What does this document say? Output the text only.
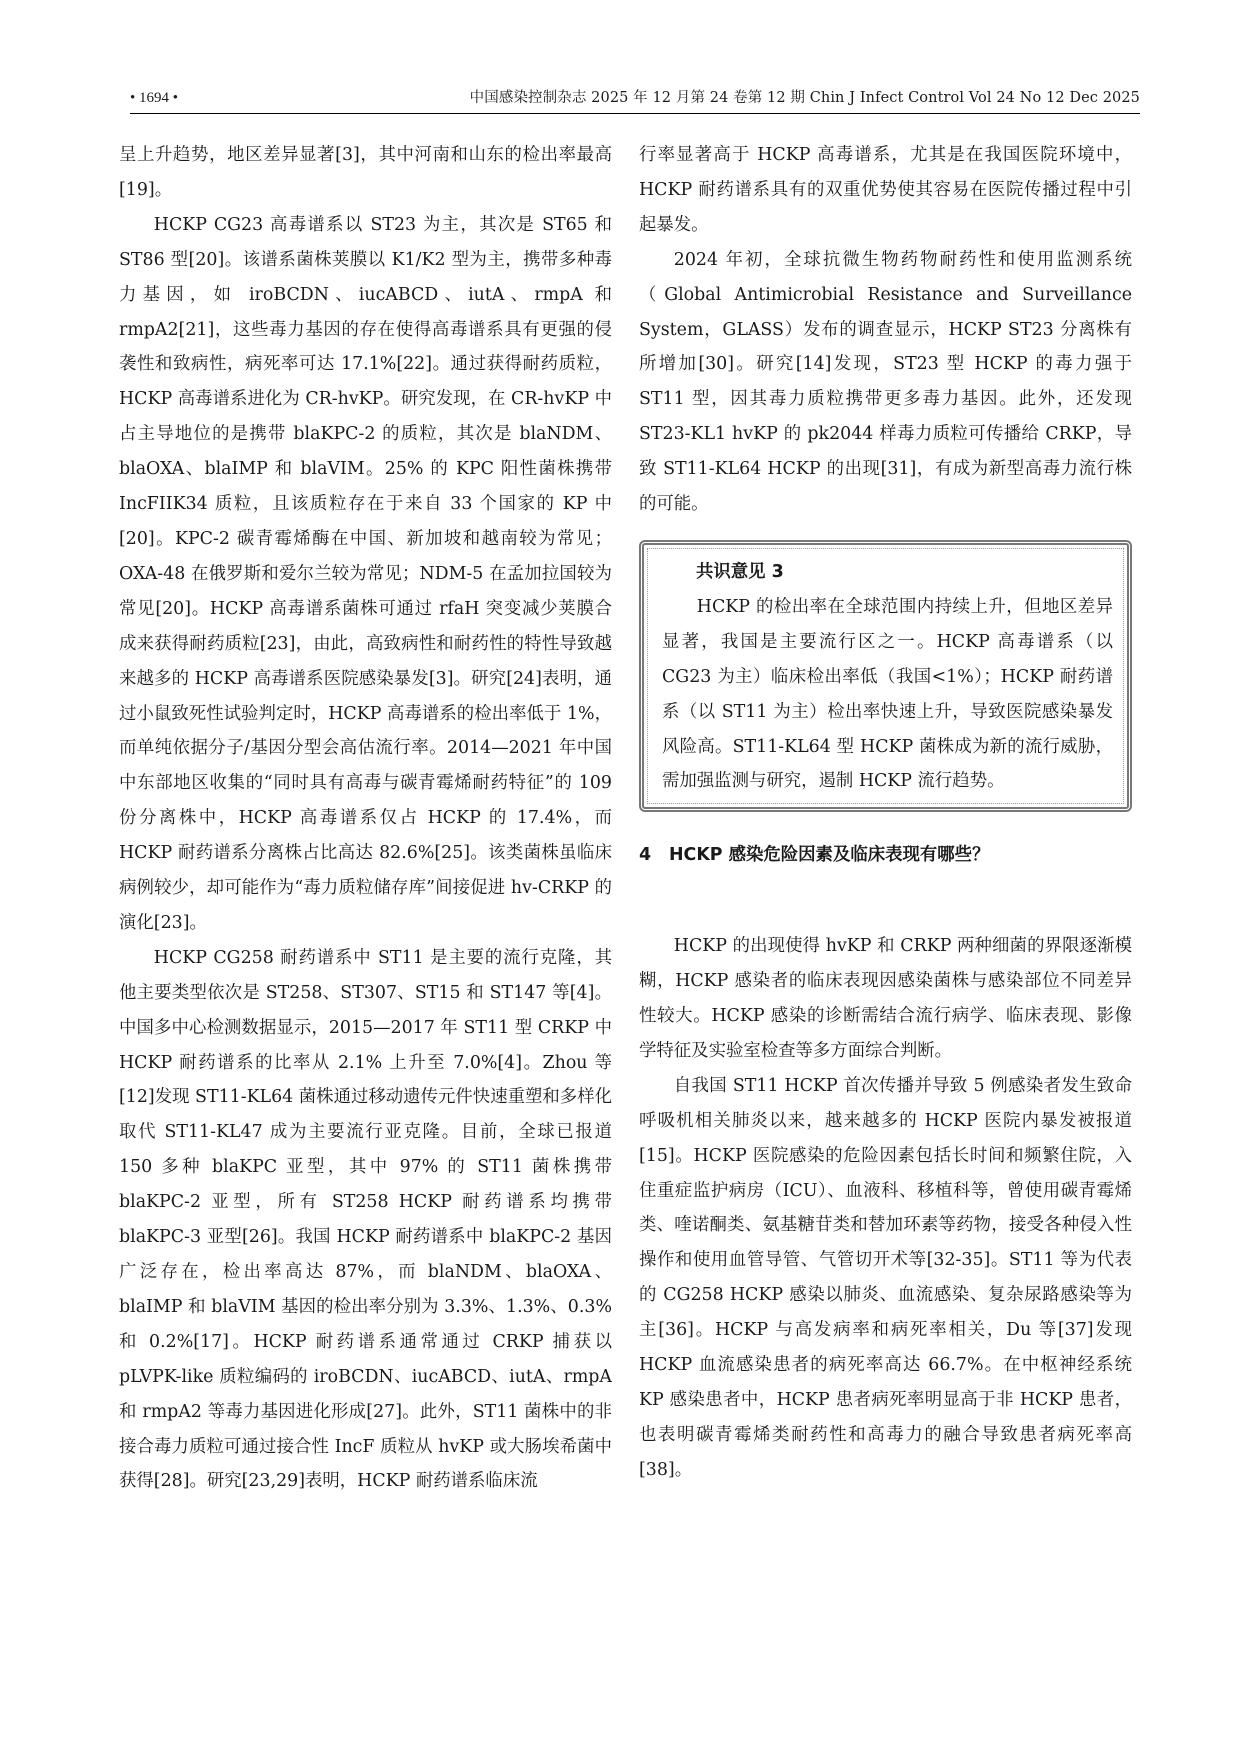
• 1694 •	中国感染控制杂志 2025 年 12 月第 24 卷第 12 期 Chin J Infect Control Vol 24 No 12 Dec 2025

呈上升趋势，地区差异显著[3]，其中河南和山东的检出率最高[19]。

HCKP CG23 高毒谱系以 ST23 为主，其次是 ST65 和 ST86 型[20]。该谱系菌株荚膜以 K1/K2 型为主，携带多种毒力基因，如 iroBCDN、iucABCD、iutA、rmpA 和 rmpA2[21]，这些毒力基因的存在使得高毒谱系具有更强的侵袭性和致病性，病死率可达 17.1%[22]。通过获得耐药质粒，HCKP 高毒谱系进化为 CR-hvKP。研究发现，在 CR-hvKP 中占主导地位的是携带 blaKPC-2 的质粒，其次是 blaNDM、blaOXA、blaIMP 和 blaVIM。25% 的 KPC 阳性菌株携带 IncFIIK34 质粒，且该质粒存在于来自 33 个国家的 KP 中[20]。KPC-2 碳青霉烯酶在中国、新加坡和越南较为常见；OXA-48 在俄罗斯和爱尔兰较为常见；NDM-5 在孟加拉国较为常见[20]。HCKP 高毒谱系菌株可通过 rfaH 突变减少荚膜合成来获得耐药质粒[23]，由此，高致病性和耐药性的特性导致越来越多的 HCKP 高毒谱系医院感染暴发[3]。研究[24]表明，通过小鼠致死性试验判定时，HCKP 高毒谱系的检出率低于 1%，而单纯依据分子/基因分型会高估流行率。2014—2021 年中国中东部地区收集的“同时具有高毒与碳青霉烯耐药特征”的 109 份分离株中，HCKP 高毒谱系仅占 HCKP 的 17.4%，而 HCKP 耐药谱系分离株占比高达 82.6%[25]。该类菌株虽临床病例较少，却可能作为“毒力质粒储存库”间接促进 hv-CRKP 的演化[23]。

HCKP CG258 耐药谱系中 ST11 是主要的流行克隆，其他主要类型依次是 ST258、ST307、ST15 和 ST147 等[4]。中国多中心检测数据显示，2015—2017 年 ST11 型 CRKP 中 HCKP 耐药谱系的比率从 2.1% 上升至 7.0%[4]。Zhou 等[12]发现 ST11-KL64 菌株通过移动遗传元件快速重塑和多样化取代 ST11-KL47 成为主要流行亚克隆。目前，全球已报道 150 多种 blaKPC 亚型，其中 97% 的 ST11 菌株携带 blaKPC-2 亚型，所有 ST258 HCKP 耐药谱系均携带 blaKPC-3 亚型[26]。我国 HCKP 耐药谱系中 blaKPC-2 基因广泛存在，检出率高达 87%，而 blaNDM、blaOXA、blaIMP 和 blaVIM 基因的检出率分别为 3.3%、1.3%、0.3% 和 0.2%[17]。HCKP 耐药谱系通常通过 CRKP 捕获以 pLVPK-like 质粒编码的 iroBCDN、iucABCD、iutA、rmpA 和 rmpA2 等毒力基因进化形成[27]。此外，ST11 菌株中的非接合毒力质粒可通过接合性 IncF 质粒从 hvKP 或大肠埃希菌中获得[28]。研究[23,29]表明，HCKP 耐药谱系临床流

行率显著高于 HCKP 高毒谱系，尤其是在我国医院环境中，HCKP 耐药谱系具有的双重优势使其容易在医院传播过程中引起暴发。

2024 年初，全球抗微生物药物耐药性和使用监测系统（Global Antimicrobial Resistance and Surveillance System，GLASS）发布的调查显示，HCKP ST23 分离株有所增加[30]。研究[14]发现，ST23 型 HCKP 的毒力强于 ST11 型，因其毒力质粒携带更多毒力基因。此外，还发现 ST23-KL1 hvKP 的 pk2044 样毒力质粒可传播给 CRKP，导致 ST11-KL64 HCKP 的出现[31]，有成为新型高毒力流行株的可能。

共识意见 3

HCKP 的检出率在全球范围内持续上升，但地区差异显著，我国是主要流行区之一。HCKP 高毒谱系（以 CG23 为主）临床检出率低（我国<1%）；HCKP 耐药谱系（以 ST11 为主）检出率快速上升，导致医院感染暴发风险高。ST11-KL64 型 HCKP 菌株成为新的流行威胁，需加强监测与研究，遏制 HCKP 流行趋势。

4 HCKP 感染危险因素及临床表现有哪些？

HCKP 的出现使得 hvKP 和 CRKP 两种细菌的界限逐渐模糊，HCKP 感染者的临床表现因感染菌株与感染部位不同差异性较大。HCKP 感染的诊断需结合流行病学、临床表现、影像学特征及实验室检查等多方面综合判断。

自我国 ST11 HCKP 首次传播并导致 5 例感染者发生致命呼吸机相关肺炎以来，越来越多的 HCKP 医院内暴发被报道[15]。HCKP 医院感染的危险因素包括长时间和频繁住院，入住重症监护病房（ICU）、血液科、移植科等，曾使用碳青霉烯类、喹诺酮类、氨基糖苷类和替加环素等药物，接受各种侵入性操作和使用血管导管、气管切开术等[32-35]。ST11 等为代表的 CG258 HCKP 感染以肺炎、血流感染、复杂尿路感染等为主[36]。HCKP 与高发病率和病死率相关，Du 等[37]发现 HCKP 血流感染患者的病死率高达 66.7%。在中枢神经系统 KP 感染患者中，HCKP 患者病死率明显高于非 HCKP 患者，也表明碳青霉烯类耐药性和高毒力的融合导致患者病死率高[38]。
